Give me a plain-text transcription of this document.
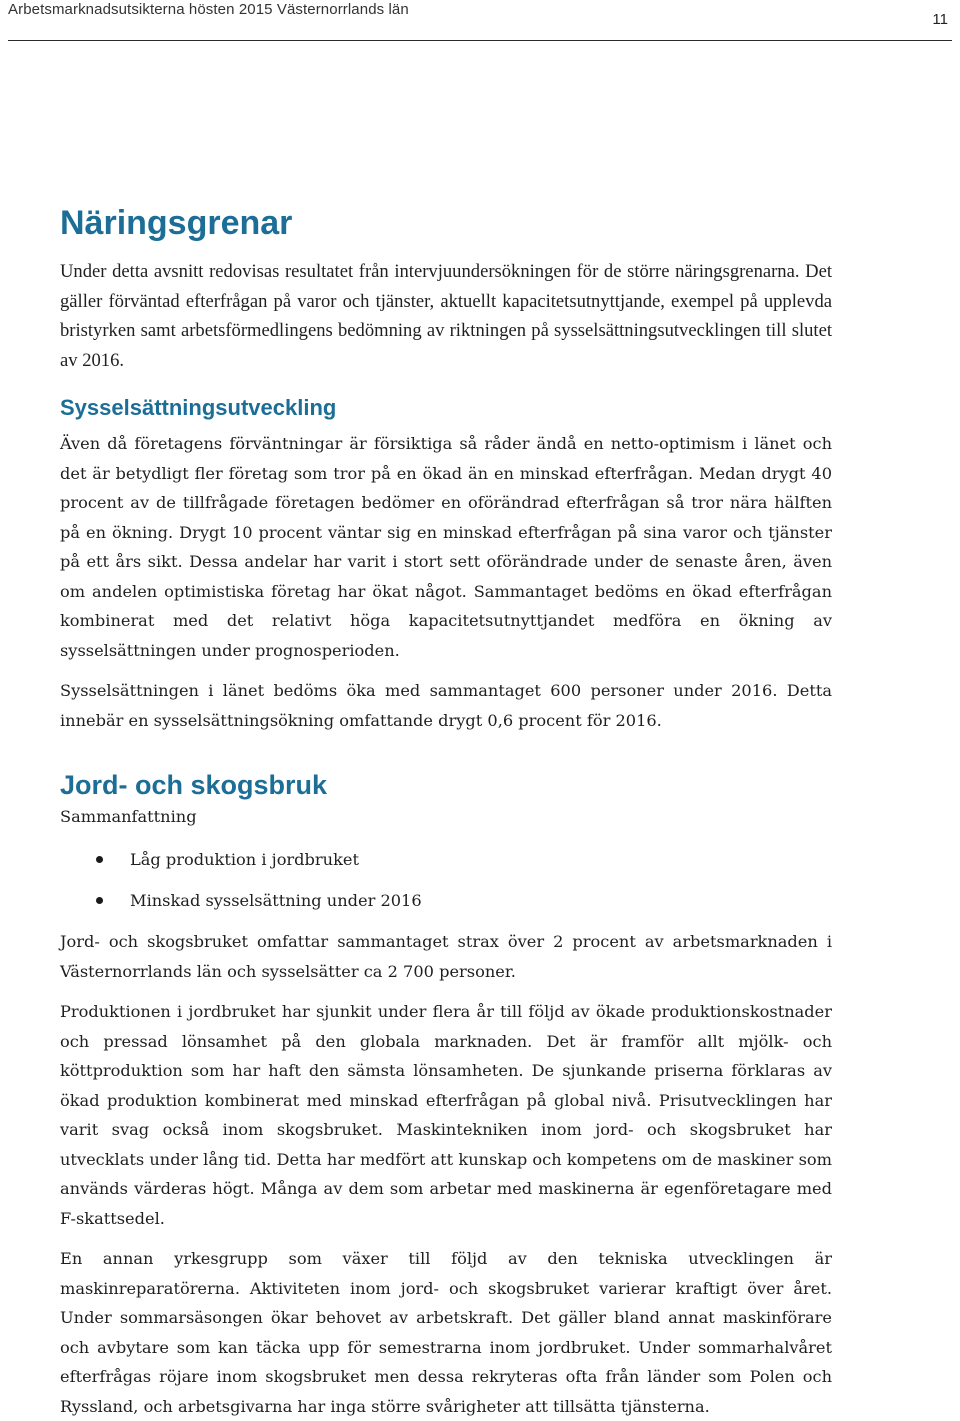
Arbetsmarknadsutsikterna hösten 2015 Västernorrlands län
11
Näringsgrenar

Under detta avsnitt redovisas resultatet från intervjuundersökningen för de större näringsgrenarna. Det gäller förväntad efterfrågan på varor och tjänster, aktuellt kapacitetsutnyttjande, exempel på upplevda bristyrken samt arbetsförmedlingens bedömning av riktningen på sysselsättningsutvecklingen till slutet av 2016.

Sysselsättningsutveckling

Även då företagens förväntningar är försiktiga så råder ändå en netto-optimism i länet och det är betydligt fler företag som tror på en ökad än en minskad efterfrågan. Medan drygt 40 procent av de tillfrågade företagen bedömer en oförändrad efterfrågan så tror nära hälften på en ökning. Drygt 10 procent väntar sig en minskad efterfrågan på sina varor och tjänster på ett års sikt. Dessa andelar har varit i stort sett oförändrade under de senaste åren, även om andelen optimistiska företag har ökat något. Sammantaget bedöms en ökad efterfrågan kombinerat med det relativt höga kapacitetsutnyttjandet medföra en ökning av sysselsättningen under prognosperioden.

Sysselsättningen i länet bedöms öka med sammantaget 600 personer under 2016. Detta innebär en sysselsättningsökning omfattande drygt 0,6 procent för 2016.

Jord- och skogsbruk

Sammanfattning

Låg produktion i jordbruket
Minskad sysselsättning under 2016

Jord- och skogsbruket omfattar sammantaget strax över 2 procent av arbetsmarknaden i Västernorrlands län och sysselsätter ca 2 700 personer.

Produktionen i jordbruket har sjunkit under flera år till följd av ökade produktionskostnader och pressad lönsamhet på den globala marknaden. Det är framför allt mjölk- och köttproduktion som har haft den sämsta lönsamheten. De sjunkande priserna förklaras av ökad produktion kombinerat med minskad efterfrågan på global nivå. Prisutvecklingen har varit svag också inom skogsbruket. Maskintekniken inom jord- och skogsbruket har utvecklats under lång tid. Detta har medfört att kunskap och kompetens om de maskiner som används värderas högt. Många av dem som arbetar med maskinerna är egenföretagare med F-skattsedel.

En annan yrkesgrupp som växer till följd av den tekniska utvecklingen är maskinreparatörerna. Aktiviteten inom jord- och skogsbruket varierar kraftigt över året. Under sommarsäsongen ökar behovet av arbetskraft. Det gäller bland annat maskinförare och avbytare som kan täcka upp för semestrarna inom jordbruket. Under sommarhalvåret efterfrågas röjare inom skogsbruket men dessa rekryteras ofta från länder som Polen och Ryssland, och arbetsgivarna har inga större svårigheter att tillsätta tjänsterna.
